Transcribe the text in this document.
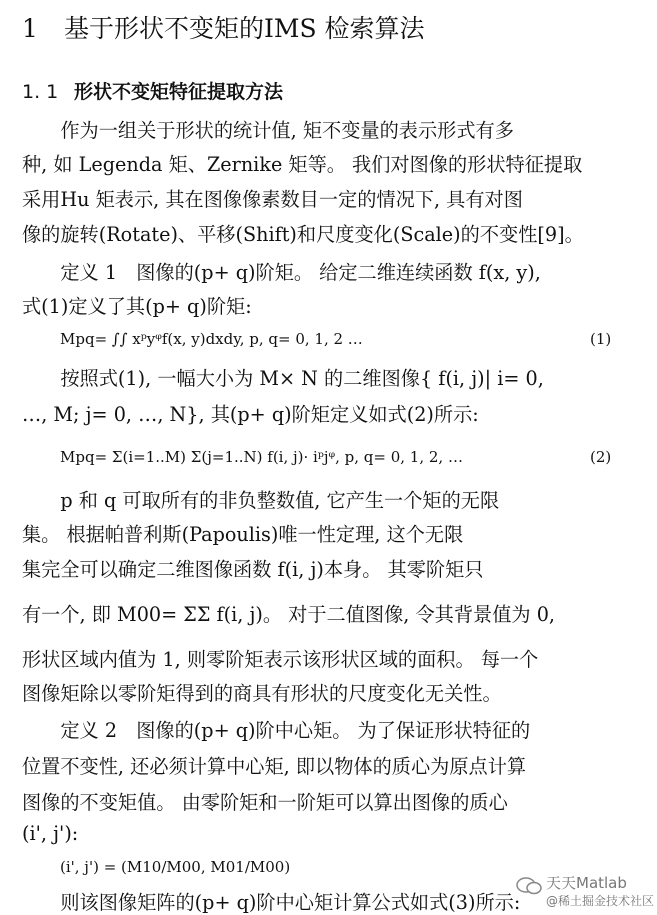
1 基于形状不变矩的IMS 检索算法
1. 1 形状不变矩特征提取方法
　　作为一组关于形状的统计值, 矩不变量的表示形式有多
种, 如 Legenda 矩、Zernike 矩等。 我们对图像的形状特征提取
采用Hu 矩表示, 其在图像像素数目一定的情况下, 具有对图
像的旋转(Rotate)、平移(Shift)和尺度变化(Scale)的不变性[9]。
　　定义 1　图像的(p+ q)阶矩。 给定二维连续函数 f(x, y),
式(1)定义了其(p+ q)阶矩:
Mpq= ∫∫ xᵖyᵠf(x, y)dxdy, p, q= 0, 1, 2 …	(1)
　　按照式(1), 一幅大小为 M× N 的二维图像{ f(i, j)| i= 0,
…, M; j= 0, …, N}, 其(p+ q)阶矩定义如式(2)所示:
Mpq= Σ(i=1..M) Σ(j=1..N) f(i, j)· iᵖjᵠ, p, q= 0, 1, 2, …	(2)
　　p 和 q 可取所有的非负整数值, 它产生一个矩的无限
集。 根据帕普利斯(Papoulis)唯一性定理, 这个无限
集完全可以确定二维图像函数 f(i, j)本身。 其零阶矩只
有一个, 即 M00= ΣΣ f(i, j)。 对于二值图像, 令其背景值为 0,
形状区域内值为 1, 则零阶矩表示该形状区域的面积。 每一个
图像矩除以零阶矩得到的商具有形状的尺度变化无关性。
　　定义 2　图像的(p+ q)阶中心矩。 为了保证形状特征的
位置不变性, 还必须计算中心矩, 即以物体的质心为原点计算
图像的不变矩值。 由零阶矩和一阶矩可以算出图像的质心
(i', j'):
(i', j') = (M10/M00, M01/M00)
　　则该图像矩阵的(p+ q)阶中心矩计算公式如式(3)所示:
天天Matlab
@稀土掘金技术社区
